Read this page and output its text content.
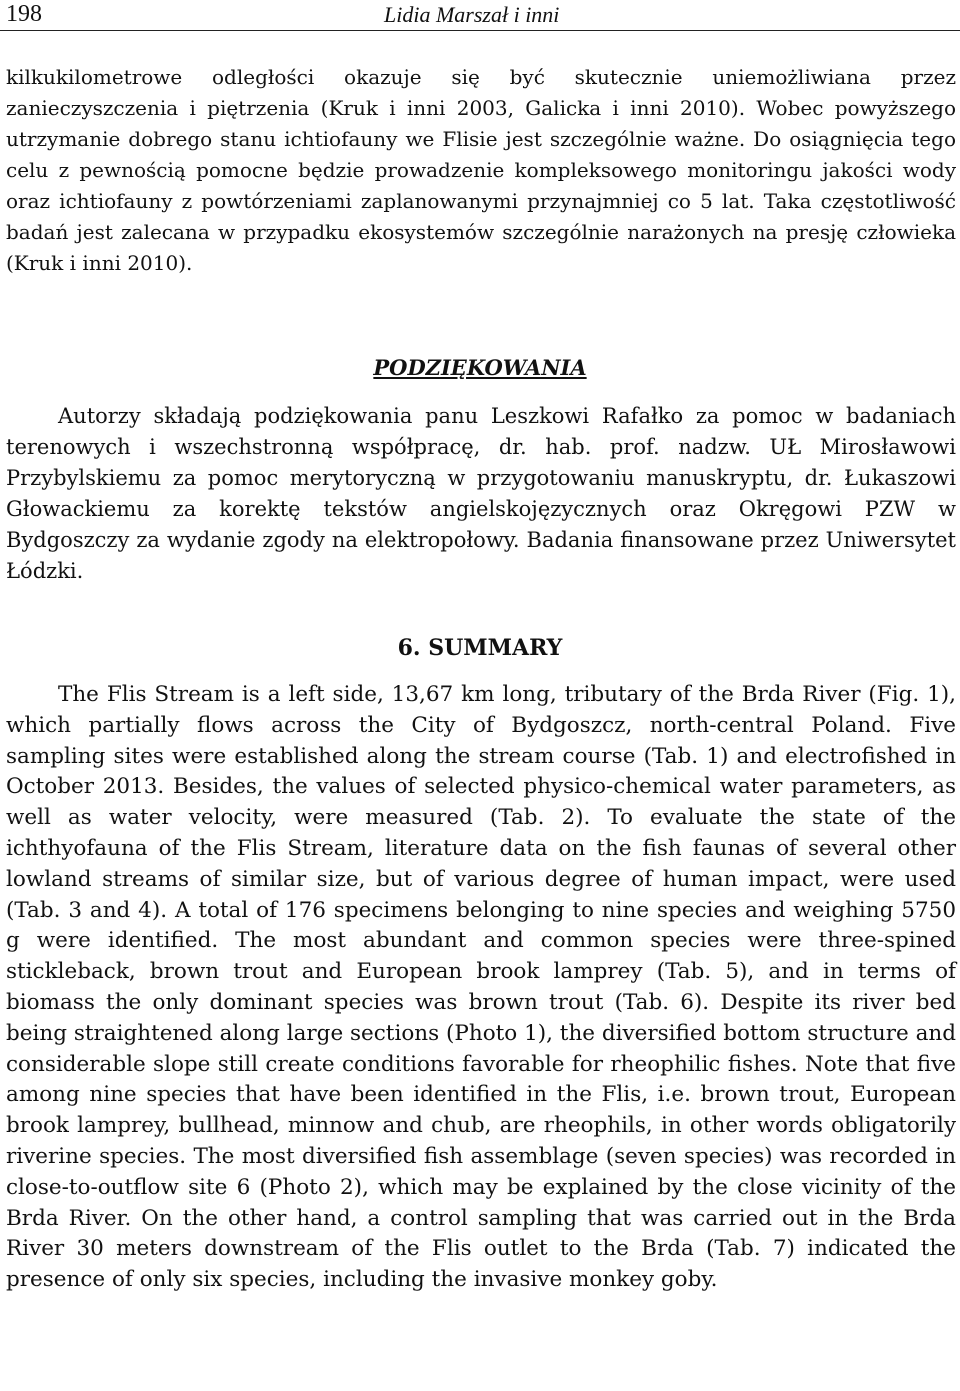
198	Lidia Marszał i inni

kilkukilometrowe odległości okazuje się być skutecznie uniemożliwiana przez zanieczyszczenia i piętrzenia (Kruk i inni 2003, Galicka i inni 2010). Wobec powyższego utrzymanie dobrego stanu ichtiofauny we Flisie jest szczególnie ważne. Do osiągnięcia tego celu z pewnością pomocne będzie prowadzenie kompleksowego monitoringu jakości wody oraz ichtiofauny z powtórzeniami zaplanowanymi przynajmniej co 5 lat. Taka częstotliwość badań jest zalecana w przypadku ekosystemów szczególnie narażonych na presję człowieka (Kruk i inni 2010).

PODZIĘKOWANIA

Autorzy składają podziękowania panu Leszkowi Rafałko za pomoc w badaniach terenowych i wszechstronną współpracę, dr. hab. prof. nadzw. UŁ Mirosławowi Przybylskiemu za pomoc merytoryczną w przygotowaniu manuskryptu, dr. Łukaszowi Głowackiemu za korektę tekstów angielskojęzycznych oraz Okręgowi PZW w Bydgoszczy za wydanie zgody na elektropołowy. Badania finansowane przez Uniwersytet Łódzki.

6. SUMMARY

The Flis Stream is a left side, 13,67 km long, tributary of the Brda River (Fig. 1), which partially flows across the City of Bydgoszcz, north-central Poland. Five sampling sites were established along the stream course (Tab. 1) and electrofished in October 2013. Besides, the values of selected physico-chemical water parameters, as well as water velocity, were measured (Tab. 2). To evaluate the state of the ichthyofauna of the Flis Stream, literature data on the fish faunas of several other lowland streams of similar size, but of various degree of human impact, were used (Tab. 3 and 4). A total of 176 specimens belonging to nine species and weighing 5750 g were identified. The most abundant and common species were three-spined stickleback, brown trout and European brook lamprey (Tab. 5), and in terms of biomass the only dominant species was brown trout (Tab. 6). Despite its river bed being straightened along large sections (Photo 1), the diversified bottom structure and considerable slope still create conditions favorable for rheophilic fishes. Note that five among nine species that have been identified in the Flis, i.e. brown trout, European brook lamprey, bullhead, minnow and chub, are rheophils, in other words obligatorily riverine species. The most diversified fish assemblage (seven species) was recorded in close-to-outflow site 6 (Photo 2), which may be explained by the close vicinity of the Brda River. On the other hand, a control sampling that was carried out in the Brda River 30 meters downstream of the Flis outlet to the Brda (Tab. 7) indicated the presence of only six species, including the invasive monkey goby.
